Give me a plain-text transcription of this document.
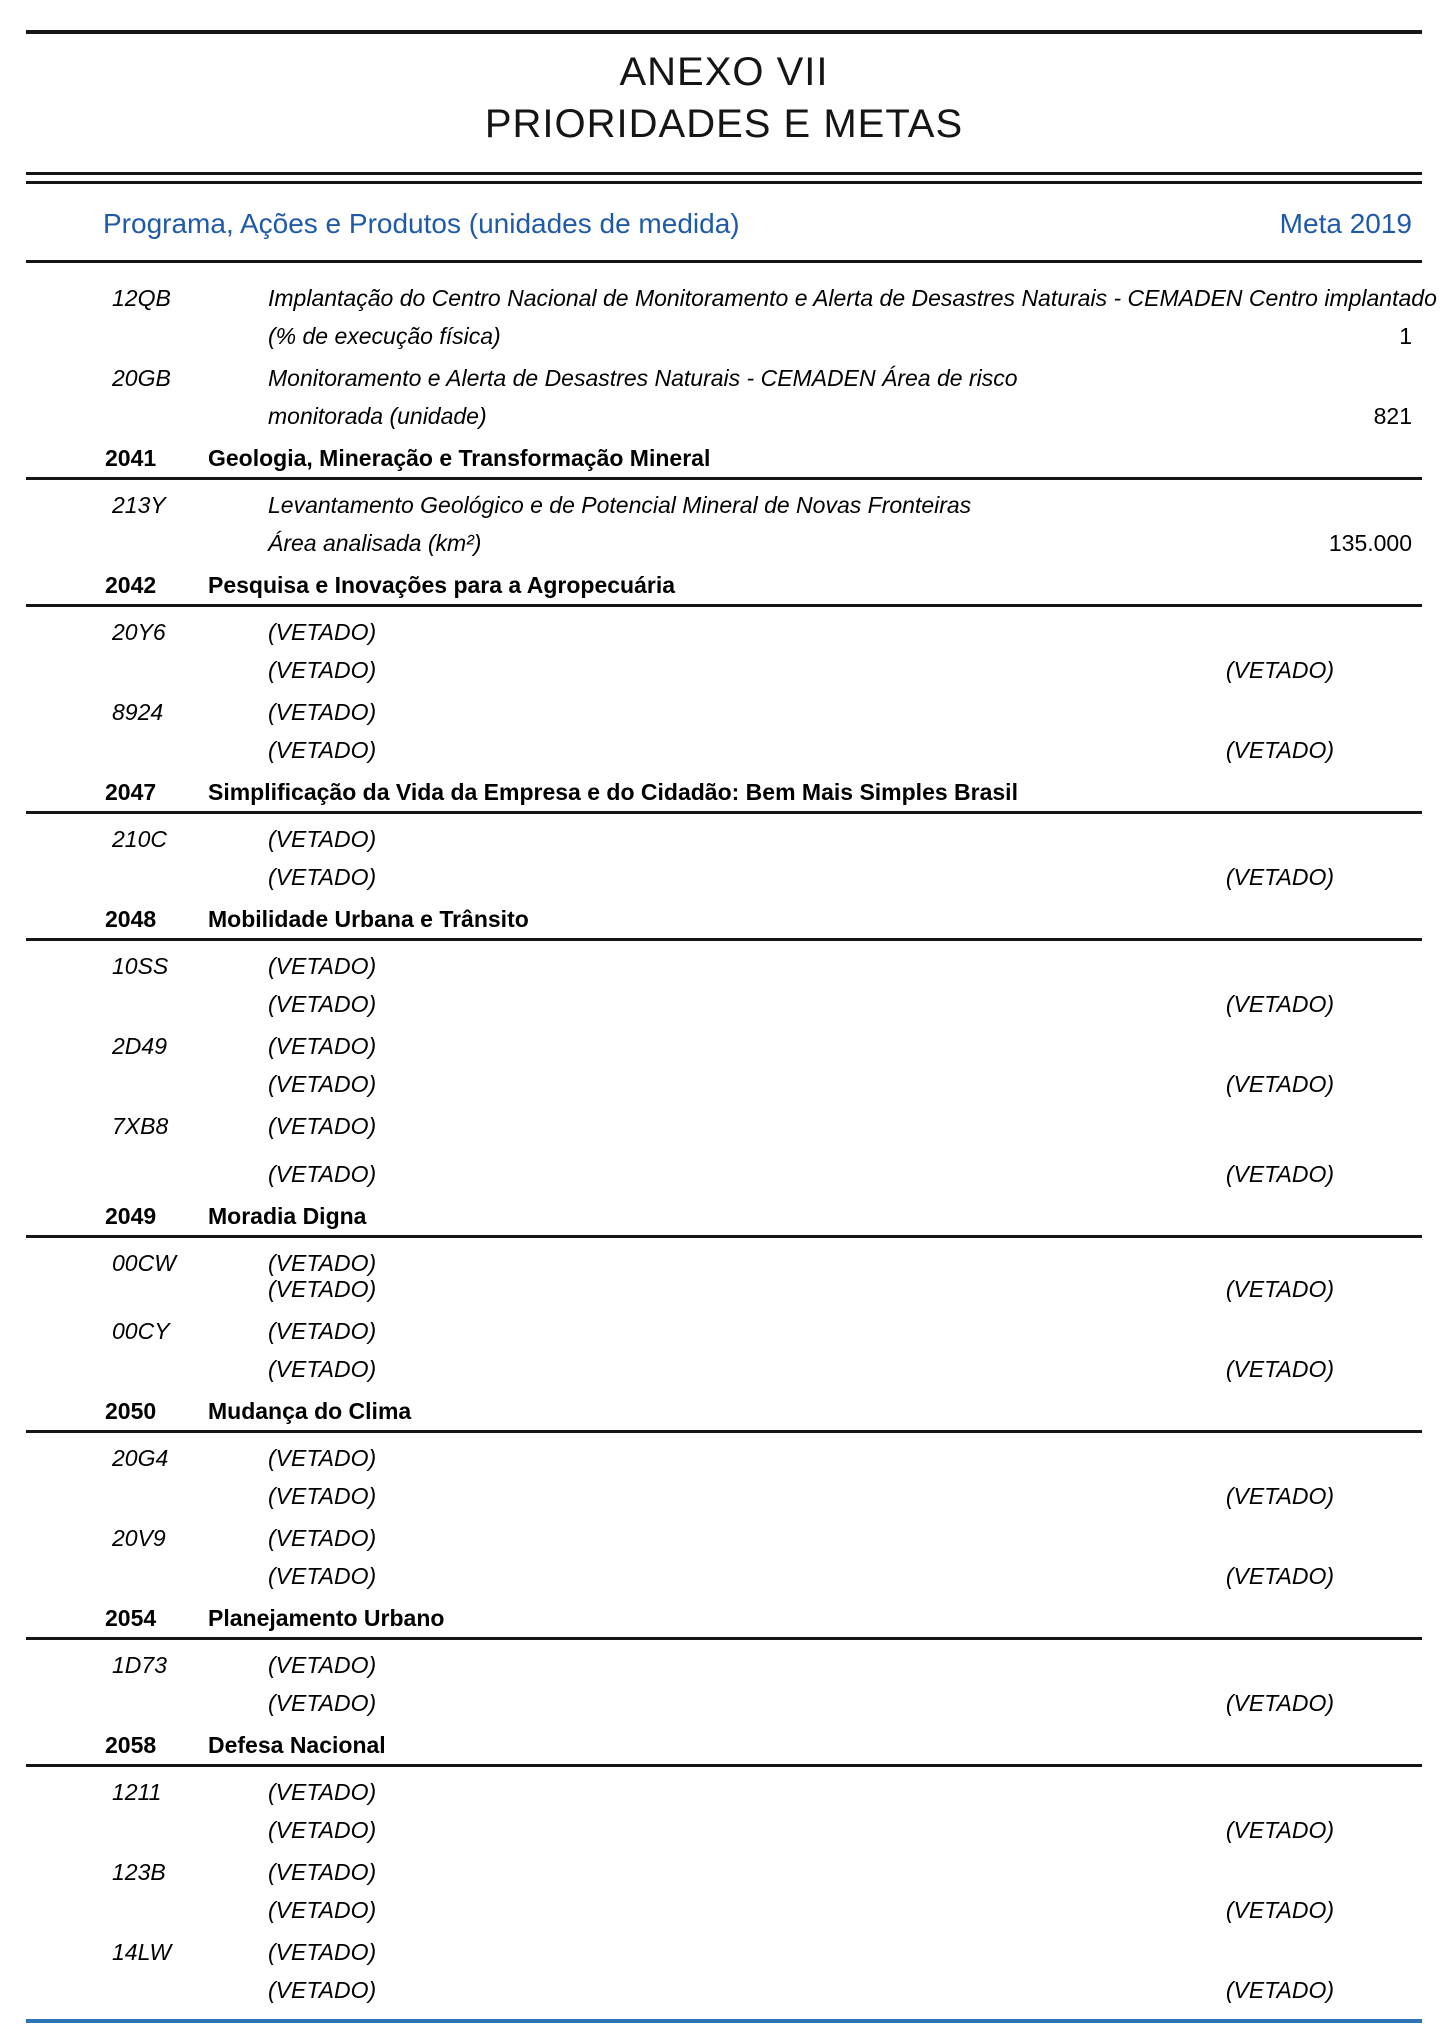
ANEXO VII
PRIORIDADES E METAS
Programa, Ações e Produtos (unidades de medida)	Meta 2019
12QB	Implantação do Centro Nacional de Monitoramento e Alerta de Desastres Naturais - CEMADEN Centro implantado
(% de execução física)	1
20GB	Monitoramento e Alerta de Desastres Naturais - CEMADEN Área de risco
monitorada (unidade)	821
2041 Geologia, Mineração e Transformação Mineral
213Y	Levantamento Geológico e de Potencial Mineral de Novas Fronteiras
Área analisada (km²)	135.000
2042 Pesquisa e Inovações para a Agropecuária
20Y6	(VETADO)
(VETADO)	(VETADO)
8924	(VETADO)
(VETADO)	(VETADO)
2047 Simplificação da Vida da Empresa e do Cidadão: Bem Mais Simples Brasil
210C	(VETADO)
(VETADO)	(VETADO)
2048 Mobilidade Urbana e Trânsito
10SS	(VETADO)
(VETADO)	(VETADO)
2D49	(VETADO)
(VETADO)	(VETADO)
7XB8	(VETADO)
(VETADO)	(VETADO)
2049 Moradia Digna
00CW	(VETADO)
(VETADO)	(VETADO)
00CY	(VETADO)
(VETADO)	(VETADO)
2050 Mudança do Clima
20G4	(VETADO)
(VETADO)	(VETADO)
20V9	(VETADO)
(VETADO)	(VETADO)
2054 Planejamento Urbano
1D73	(VETADO)
(VETADO)	(VETADO)
2058 Defesa Nacional
1211	(VETADO)
(VETADO)	(VETADO)
123B	(VETADO)
(VETADO)	(VETADO)
14LW	(VETADO)
(VETADO)	(VETADO)
